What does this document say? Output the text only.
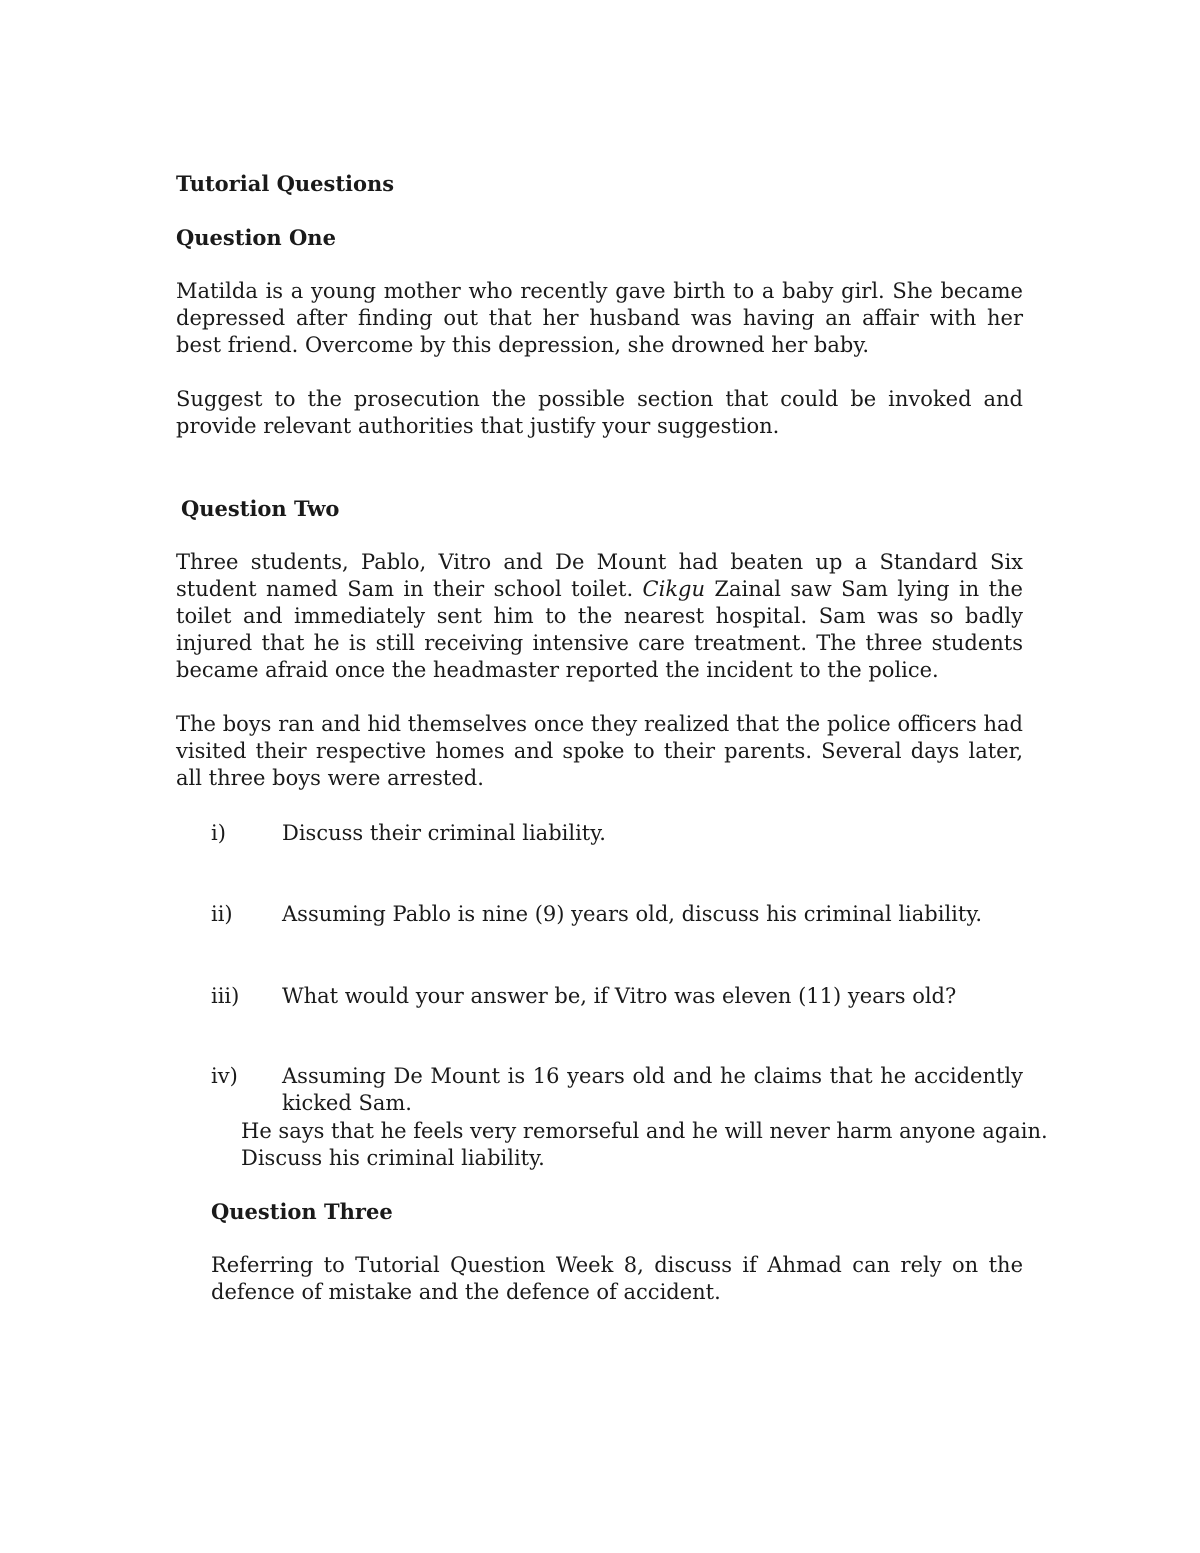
Tutorial Questions

Question One

Matilda is a young mother who recently gave birth to a baby girl. She became depressed after finding out that her husband was having an affair with her best friend. Overcome by this depression, she drowned her baby.

Suggest to the prosecution the possible section that could be invoked and provide relevant authorities that justify your suggestion.

Question Two

Three students, Pablo, Vitro and De Mount had beaten up a Standard Six student named Sam in their school toilet. Cikgu Zainal saw Sam lying in the toilet and immediately sent him to the nearest hospital. Sam was so badly injured that he is still receiving intensive care treatment. The three students became afraid once the headmaster reported the incident to the police.

The boys ran and hid themselves once they realized that the police officers had visited their respective homes and spoke to their parents. Several days later, all three boys were arrested.

i)	Discuss their criminal liability.

ii) Assuming Pablo is nine (9) years old, discuss his criminal liability.

iii) What would your answer be, if Vitro was eleven (11) years old?

iv) Assuming De Mount is 16 years old and he claims that he accidently kicked Sam.

He says that he feels very remorseful and he will never harm anyone again.

Discuss his criminal liability.

Question Three

Referring to Tutorial Question Week 8, discuss if Ahmad can rely on the defence of mistake and the defence of accident.
